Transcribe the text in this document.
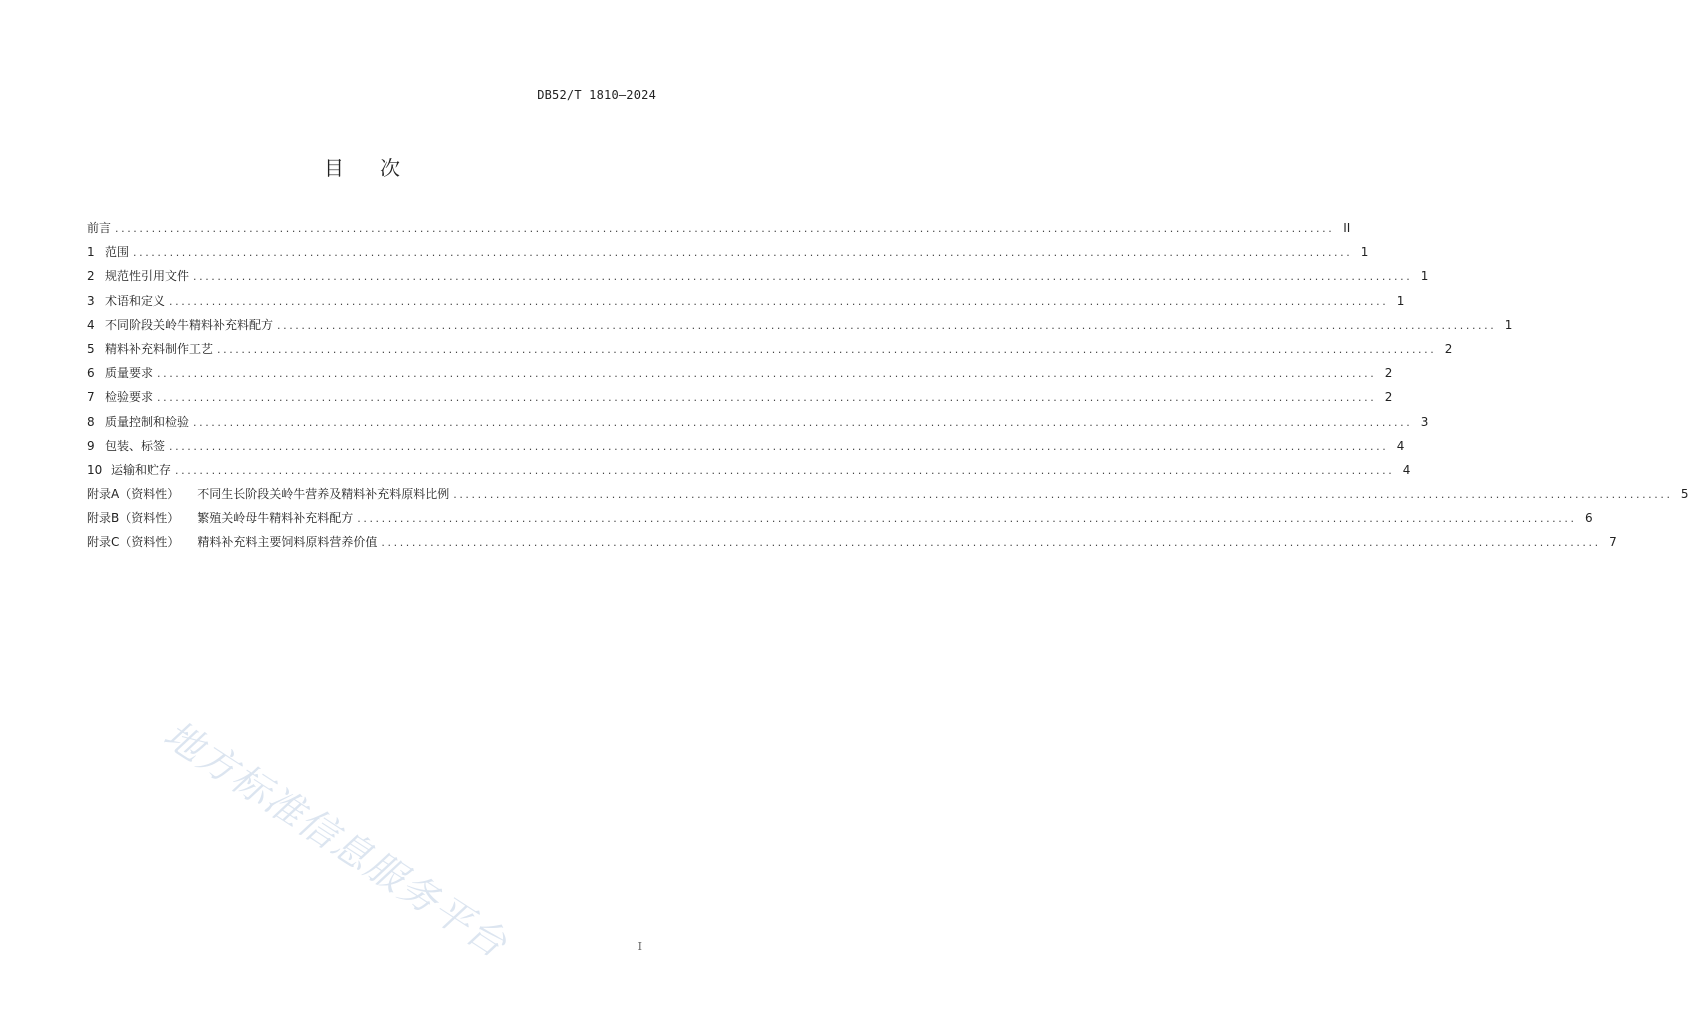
DB52/T 1810—2024
目 次
前言 ........................................................................................................................................................................................................ II
1 范围 ........................................................................................................................................................................................................ 1
2 规范性引用文件 ........................................................................................................................................................................................................ 1
3 术语和定义 ........................................................................................................................................................................................................ 1
4 不同阶段关岭牛精料补充料配方 ........................................................................................................................................................................................................ 1
5 精料补充料制作工艺 ........................................................................................................................................................................................................ 2
6 质量要求 ........................................................................................................................................................................................................ 2
7 检验要求 ........................................................................................................................................................................................................ 2
8 质量控制和检验 ........................................................................................................................................................................................................ 3
9 包装、标签 ........................................................................................................................................................................................................ 4
10 运输和贮存 ........................................................................................................................................................................................................ 4
附录A（资料性） 不同生长阶段关岭牛营养及精料补充料原料比例 ........................................................................................................................................................................................................ 5
附录B（资料性） 繁殖关岭母牛精料补充料配方 ........................................................................................................................................................................................................ 6
附录C（资料性） 精料补充料主要饲料原料营养价值 ........................................................................................................................................................................................................ 7
地方标准信息服务平台	I
